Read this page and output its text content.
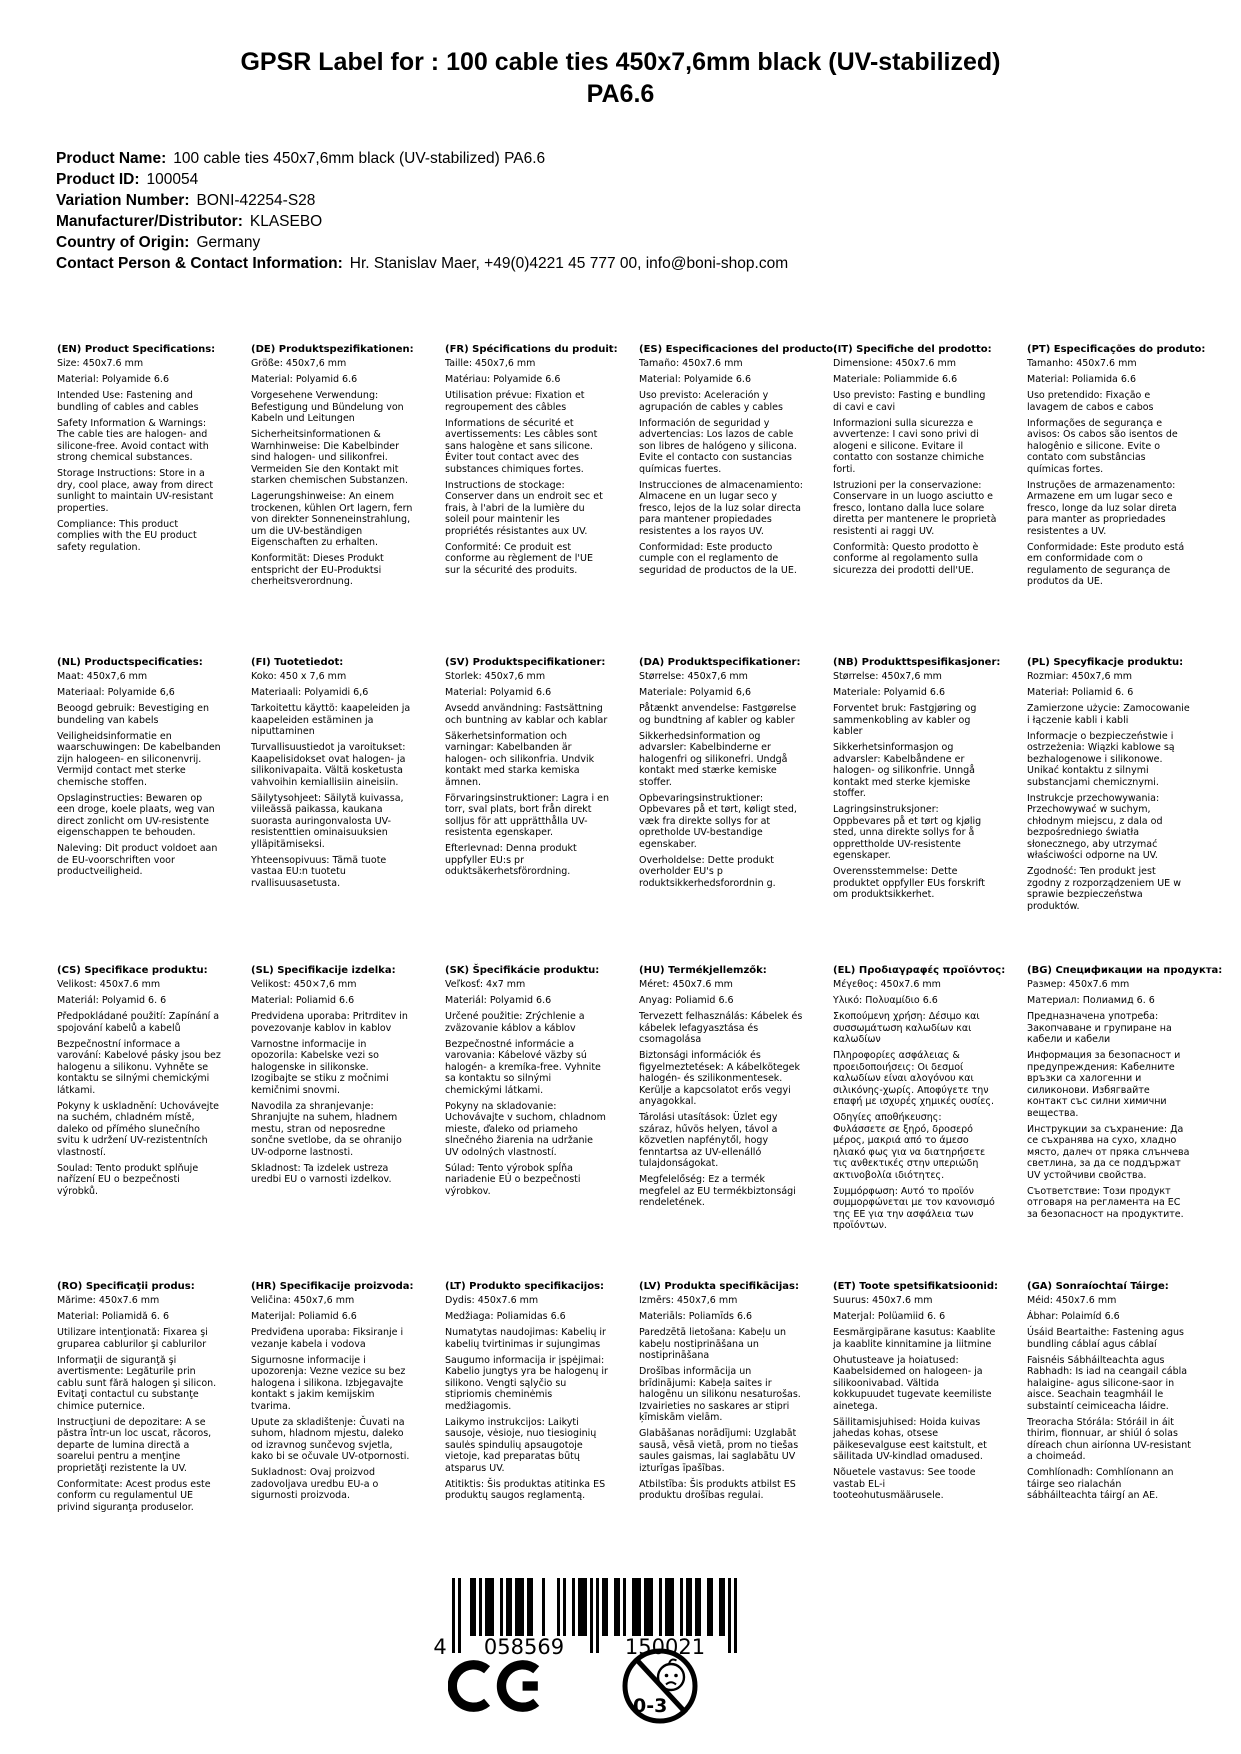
GPSR Label for : 100 cable ties 450x7,6mm black (UV-stabilized)
PA6.6
Product Name: 100 cable ties 450x7,6mm black (UV-stabilized) PA6.6
Product ID: 100054
Variation Number: BONI-42254-S28
Manufacturer/Distributor: KLASEBO
Country of Origin: Germany
Contact Person & Contact Information: Hr. Stanislav Maer, +49(0)4221 45 777 00, info@boni-shop.com
(EN) Product Specifications:

Size: 450x7.6 mm

Material: Polyamide 6.6

Intended Use: Fastening and bundling of cables and cables

Safety Information & Warnings: The cable ties are halogen- and silicone-free. Avoid contact with strong chemical substances.

Storage Instructions: Store in a dry, cool place, away from direct sunlight to maintain UV-resistant properties.

Compliance: This product complies with the EU product safety regulation.

(DE) Produktspezifikationen:

Größe: 450x7,6 mm

Material: Polyamid 6.6

Vorgesehene Verwendung: Befestigung und Bündelung von Kabeln und Leitungen

Sicherheitsinformationen & Warnhinweise: Die Kabelbinder sind halogen- und silikonfrei. Vermeiden Sie den Kontakt mit starken chemischen Substanzen.

Lagerungshinweise: An einem trockenen, kühlen Ort lagern, fern von direkter Sonneneinstrahlung, um die UV-beständigen Eigenschaften zu erhalten.

Konformität: Dieses Produkt entspricht der EU-Produktsi cherheitsverordnung.

(FR) Spécifications du produit:

Taille: 450x7,6 mm

Matériau: Polyamide 6.6

Utilisation prévue: Fixation et regroupement des câbles

Informations de sécurité et avertissements: Les câbles sont sans halogène et sans silicone. Éviter tout contact avec des substances chimiques fortes.

Instructions de stockage: Conserver dans un endroit sec et frais, à l'abri de la lumière du soleil pour maintenir les propriétés résistantes aux UV.

Conformité: Ce produit est conforme au règlement de l'UE sur la sécurité des produits.

(ES) Especificaciones del producto:

Tamaño: 450x7.6 mm

Material: Polyamide 6.6

Uso previsto: Aceleración y agrupación de cables y cables

Información de seguridad y advertencias: Los lazos de cable son libres de halógeno y silicona. Evite el contacto con sustancias químicas fuertes.

Instrucciones de almacenamiento: Almacene en un lugar seco y fresco, lejos de la luz solar directa para mantener propiedades resistentes a los rayos UV.

Conformidad: Este producto cumple con el reglamento de seguridad de productos de la UE.

(IT) Specifiche del prodotto:

Dimensione: 450x7.6 mm

Materiale: Poliammide 6.6

Uso previsto: Fasting e bundling di cavi e cavi

Informazioni sulla sicurezza e avvertenze: I cavi sono privi di alogeni e silicone. Evitare il contatto con sostanze chimiche forti.

Istruzioni per la conservazione: Conservare in un luogo asciutto e fresco, lontano dalla luce solare diretta per mantenere le proprietà resistenti ai raggi UV.

Conformità: Questo prodotto è conforme al regolamento sulla sicurezza dei prodotti dell'UE.

(PT) Especificações do produto:

Tamanho: 450x7.6 mm

Material: Poliamida 6.6

Uso pretendido: Fixação e lavagem de cabos e cabos

Informações de segurança e avisos: Os cabos são isentos de halogênio e silicone. Evite o contato com substâncias químicas fortes.

Instruções de armazenamento: Armazene em um lugar seco e fresco, longe da luz solar direta para manter as propriedades resistentes a UV.

Conformidade: Este produto está em conformidade com o regulamento de segurança de produtos da UE.

(NL) Productspecificaties:

Maat: 450x7,6 mm

Materiaal: Polyamide 6,6

Beoogd gebruik: Bevestiging en bundeling van kabels

Veiligheidsinformatie en waarschuwingen: De kabelbanden zijn halogeen- en siliconenvrij. Vermijd contact met sterke chemische stoffen.

Opslaginstructies: Bewaren op een droge, koele plaats, weg van direct zonlicht om UV-resistente eigenschappen te behouden.

Naleving: Dit product voldoet aan de EU-voorschriften voor productveiligheid.

(FI) Tuotetiedot:

Koko: 450 x 7,6 mm

Materiaali: Polyamidi 6,6

Tarkoitettu käyttö: kaapeleiden ja kaapeleiden estäminen ja niputtaminen

Turvallisuustiedot ja varoitukset: Kaapelisidokset ovat halogen- ja silikonivapaita. Vältä kosketusta vahvoihin kemiallisiin aineisiin.

Säilytysohjeet: Säilytä kuivassa, viileässä paikassa, kaukana suorasta auringonvalosta UV-resistenttien ominaisuuksien ylläpitämiseksi.

Yhteensopivuus: Tämä tuote vastaa EU:n tuotetu rvallisuusasetusta.

(SV) Produktspecifikationer:

Storlek: 450x7,6 mm

Material: Polyamid 6.6

Avsedd användning: Fastsättning och buntning av kablar och kablar

Säkerhetsinformation och varningar: Kabelbanden är halogen- och silikonfria. Undvik kontakt med starka kemiska ämnen.

Förvaringsinstruktioner: Lagra i en torr, sval plats, bort från direkt solljus för att upprätthålla UV-resistenta egenskaper.

Efterlevnad: Denna produkt uppfyller EU:s pr oduktsäkerhetsförordning.

(DA) Produktspecifikationer:

Størrelse: 450x7,6 mm

Materiale: Polyamid 6,6

Påtænkt anvendelse: Fastgørelse og bundtning af kabler og kabler

Sikkerhedsinformation og advarsler: Kabelbinderne er halogenfri og silikonefri. Undgå kontakt med stærke kemiske stoffer.

Opbevaringsinstruktioner: Opbevares på et tørt, køligt sted, væk fra direkte sollys for at opretholde UV-bestandige egenskaber.

Overholdelse: Dette produkt overholder EU's p roduktsikkerhedsforordnin g.

(NB) Produkttspesifikasjoner:

Størrelse: 450x7,6 mm

Materiale: Polyamid 6.6

Forventet bruk: Fastgjøring og sammenkobling av kabler og kabler

Sikkerhetsinformasjon og advarsler: Kabelbåndene er halogen- og silikonfrie. Unngå kontakt med sterke kjemiske stoffer.

Lagringsinstruksjoner: Oppbevares på et tørt og kjølig sted, unna direkte sollys for å opprettholde UV-resistente egenskaper.

Overensstemmelse: Dette produktet oppfyller EUs forskrift om produktsikkerhet.

(PL) Specyfikacje produktu:

Rozmiar: 450x7,6 mm

Materiał: Poliamid 6. 6

Zamierzone użycie: Zamocowanie i łączenie kabli i kabli

Informacje o bezpieczeństwie i ostrzeżenia: Wiązki kablowe są bezhalogenowe i silikonowe. Unikać kontaktu z silnymi substancjami chemicznymi.

Instrukcje przechowywania: Przechowywać w suchym, chłodnym miejscu, z dala od bezpośredniego światła słonecznego, aby utrzymać właściwości odporne na UV.

Zgodność: Ten produkt jest zgodny z rozporządzeniem UE w sprawie bezpieczeństwa produktów.

(CS) Specifikace produktu:

Velikost: 450x7.6 mm

Materiál: Polyamid 6. 6

Předpokládané použití: Zapínání a spojování kabelů a kabelů

Bezpečnostní informace a varování: Kabelové pásky jsou bez halogenu a silikonu. Vyhněte se kontaktu se silnými chemickými látkami.

Pokyny k uskladnění: Uchovávejte na suchém, chladném místě, daleko od přímého slunečního svitu k udržení UV-rezistentních vlastností.

Soulad: Tento produkt splňuje nařízení EU o bezpečnosti výrobků.

(SL) Specifikacije izdelka:

Velikost: 450×7,6 mm

Material: Poliamid 6.6

Predvidena uporaba: Pritrditev in povezovanje kablov in kablov

Varnostne informacije in opozorila: Kabelske vezi so halogenske in silikonske. Izogibajte se stiku z močnimi kemičnimi snovmi.

Navodila za shranjevanje: Shranjujte na suhem, hladnem mestu, stran od neposredne sončne svetlobe, da se ohranijo UV-odporne lastnosti.

Skladnost: Ta izdelek ustreza uredbi EU o varnosti izdelkov.

(SK) Špecifikácie produktu:

Veľkosť: 4x7 mm

Materiál: Polyamid 6.6

Určené použitie: Zrýchlenie a zväzovanie káblov a káblov

Bezpečnostné informácie a varovania: Kábelové väzby sú halogén- a kremíka-free. Vyhnite sa kontaktu so silnými chemickými látkami.

Pokyny na skladovanie: Uchovávajte v suchom, chladnom mieste, ďaleko od priameho slnečného žiarenia na udržanie UV odolných vlastností.

Súlad: Tento výrobok spĺňa nariadenie EÚ o bezpečnosti výrobkov.

(HU) Termékjellemzők:

Méret: 450x7.6 mm

Anyag: Poliamid 6.6

Tervezett felhasználás: Kábelek és kábelek lefagyasztása és csomagolása

Biztonsági információk és figyelmeztetések: A kábelkötegek halogén- és szilikonmentesek. Kerülje a kapcsolatot erős vegyi anyagokkal.

Tárolási utasítások: Üzlet egy száraz, hűvös helyen, távol a közvetlen napfénytől, hogy fenntartsa az UV-ellenálló tulajdonságokat.

Megfelelőség: Ez a termék megfelel az EU termékbiztonsági rendeletének.

(EL) Προδιαγραφές προϊόντος:

Μέγεθος: 450x7.6 mm

Υλικό: Πολυαμίδιο 6.6

Σκοπούμενη χρήση: Δέσιμο και συσσωμάτωση καλωδίων και καλωδίων

Πληροφορίες ασφάλειας & προειδοποιήσεις: Οι δεσμοί καλωδίων είναι αλογόνου και σιλικόνης-χωρίς. Αποφύγετε την επαφή με ισχυρές χημικές ουσίες.

Οδηγίες αποθήκευσης: Φυλάσσετε σε ξηρό, δροσερό μέρος, μακριά από το άμεσο ηλιακό φως για να διατηρήσετε τις ανθεκτικές στην υπεριώδη ακτινοβολία ιδιότητες.

Συμμόρφωση: Αυτό το προϊόν συμμορφώνεται με τον κανονισμό της ΕΕ για την ασφάλεια των προϊόντων.

(BG) Спецификации на продукта:

Размер: 450x7.6 mm

Материал: Полиамид 6. 6

Предназначена употреба: Закопчаване и групиране на кабели и кабели

Информация за безопасност и предупреждения: Кабелните връзки са халогенни и силиконови. Избягвайте контакт със силни химични вещества.

Инструкции за съхранение: Да се съхранява на сухо, хладно място, далеч от пряка слънчева светлина, за да се поддържат UV устойчиви свойства.

Съответствие: Този продукт отговаря на регламента на ЕС за безопасност на продуктите.

(RO) Specificaţii produs:

Mărime: 450x7.6 mm

Material: Poliamidă 6. 6

Utilizare intenţionată: Fixarea şi gruparea cablurilor şi cablurilor

Informaţii de siguranţă şi avertismente: Legăturile prin cablu sunt fără halogen şi silicon. Evitaţi contactul cu substanţe chimice puternice.

Instrucţiuni de depozitare: A se păstra într-un loc uscat, răcoros, departe de lumina directă a soarelui pentru a menţine proprietăţi rezistente la UV.

Conformitate: Acest produs este conform cu regulamentul UE privind siguranţa produselor.

(HR) Specifikacije proizvoda:

Veličina: 450x7,6 mm

Materijal: Poliamid 6.6

Predviđena uporaba: Fiksiranje i vezanje kabela i vodova

Sigurnosne informacije i upozorenja: Vezne vezice su bez halogena i silikona. Izbjegavajte kontakt s jakim kemijskim tvarima.

Upute za skladištenje: Čuvati na suhom, hladnom mjestu, daleko od izravnog sunčevog svjetla, kako bi se očuvale UV-otpornosti.

Sukladnost: Ovaj proizvod zadovoljava uredbu EU-a o sigurnosti proizvoda.

(LT) Produkto specifikacijos:

Dydis: 450x7.6 mm

Medžiaga: Poliamidas 6.6

Numatytas naudojimas: Kabelių ir kabelių tvirtinimas ir sujungimas

Saugumo informacija ir įspėjimai: Kabelio jungtys yra be halogenų ir silikono. Vengti sąlyčio su stipriomis cheminėmis medžiagomis.

Laikymo instrukcijos: Laikyti sausoje, vėsioje, nuo tiesioginių saulės spindulių apsaugotoje vietoje, kad preparatas būtų atsparus UV.

Atitiktis: Šis produktas atitinka ES produktų saugos reglamentą.

(LV) Produkta specifikācijas:

Izmērs: 450x7,6 mm

Materiāls: Poliamīds 6.6

Paredzētā lietošana: Kabeļu un kabeļu nostiprināšana un nostiprināšana

Drošības informācija un brīdinājumi: Kabeļa saites ir halogēnu un silikonu nesaturošas. Izvairieties no saskares ar stipri ķīmiskām vielām.

Glabāšanas norādījumi: Uzglabāt sausā, vēsā vietā, prom no tiešas saules gaismas, lai saglabātu UV izturīgas īpašības.

Atbilstība: Šis produkts atbilst ES produktu drošības regulai.

(ET) Toote spetsifikatsioonid:

Suurus: 450x7.6 mm

Materjal: Polüamiid 6. 6

Eesmärgipärane kasutus: Kaablite ja kaablite kinnitamine ja liitmine

Ohutusteave ja hoiatused: Kaabelsidemed on halogeen- ja silikoonivabad. Vältida kokkupuudet tugevate keemiliste ainetega.

Säilitamisjuhised: Hoida kuivas jahedas kohas, otsese päikesevalguse eest kaitstult, et säilitada UV-kindlad omadused.

Nõuetele vastavus: See toode vastab EL-i tooteohutusmäärusele.

(GA) Sonraíochtaí Táirge:

Méid: 450x7.6 mm

Ábhar: Polaimíd 6.6

Úsáid Beartaithe: Fastening agus bundling cáblaí agus cáblaí

Faisnéis Sábháilteachta agus Rabhadh: Is iad na ceangail cábla halaigine- agus silicone-saor in aisce. Seachain teagmháil le substaintí ceimiceacha láidre.

Treoracha Stórála: Stóráil in áit thirim, fionnuar, ar shiúl ó solas díreach chun airíonna UV-resistant a choimeád.

Comhlíonadh: Comhlíonann an táirge seo rialachán sábháilteachta táirgí an AE.

4 058569	150021
0-3
